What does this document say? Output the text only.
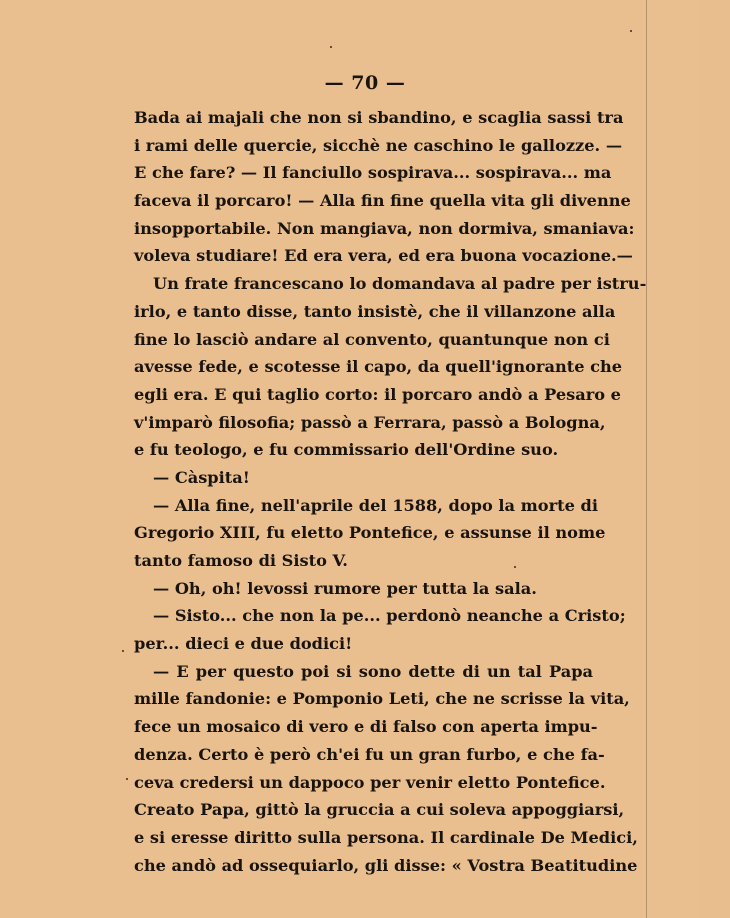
— 70 —
Bada ai majali che non si sbandino, e scaglia sassi tra
i rami delle quercie, sicchè ne caschino le gallozze. —
E che fare? — Il fanciullo sospirava... sospirava... ma
faceva il porcaro! — Alla fin fine quella vita gli divenne
insopportabile. Non mangiava, non dormiva, smaniava:
voleva studiare! Ed era vera, ed era buona vocazione.—
Un frate francescano lo domandava al padre per istru-
irlo, e tanto disse, tanto insistè, che il villanzone alla
fine lo lasciò andare al convento, quantunque non ci
avesse fede, e scotesse il capo, da quell'ignorante che
egli era. E qui taglio corto: il porcaro andò a Pesaro e
v'imparò filosofia; passò a Ferrara, passò a Bologna,
e fu teologo, e fu commissario dell'Ordine suo.
— Càspita!
— Alla fine, nell'aprile del 1588, dopo la morte di
Gregorio XIII, fu eletto Pontefice, e assunse il nome
tanto famoso di Sisto V.
— Oh, oh! levossi rumore per tutta la sala.
— Sisto... che non la pe... perdonò neanche a Cristo;
per... dieci e due dodici!
— E per questo poi si sono dette di un tal Papa
mille fandonie: e Pomponio Leti, che ne scrisse la vita,
fece un mosaico di vero e di falso con aperta impu-
denza. Certo è però ch'ei fu un gran furbo, e che fa-
ceva credersi un dappoco per venir eletto Pontefice.
Creato Papa, gittò la gruccia a cui soleva appoggiarsi,
e si eresse diritto sulla persona. Il cardinale De Medici,
che andò ad ossequiarlo, gli disse: « Vostra Beatitudine
